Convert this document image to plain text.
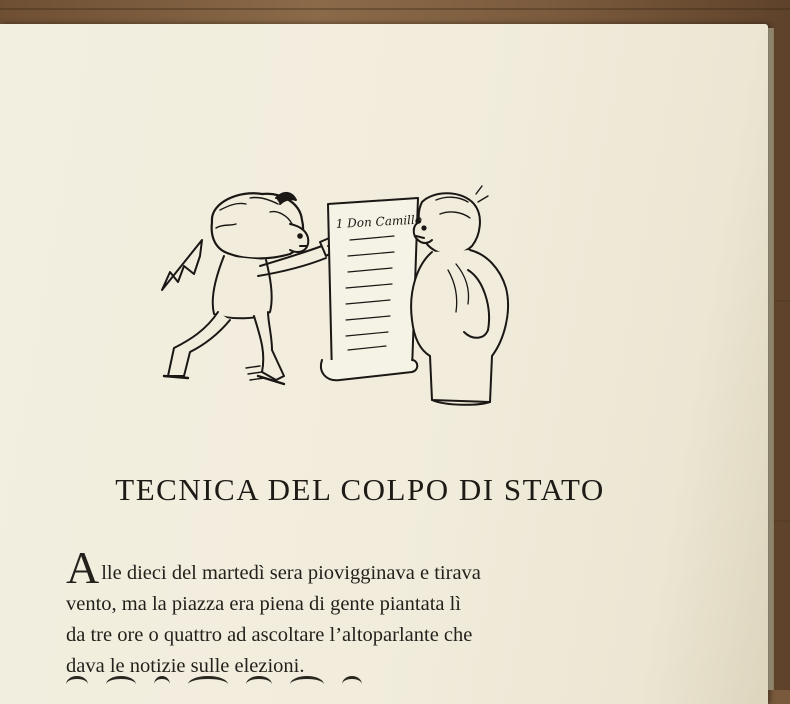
1 Don Camillo
TECNICA DEL COLPO DI STATO
Alle dieci del martedì sera piovigginava e tirava
vento, ma la piazza era piena di gente piantata lì
da tre ore o quattro ad ascoltare l’altoparlante che
dava le notizie sulle elezioni.
